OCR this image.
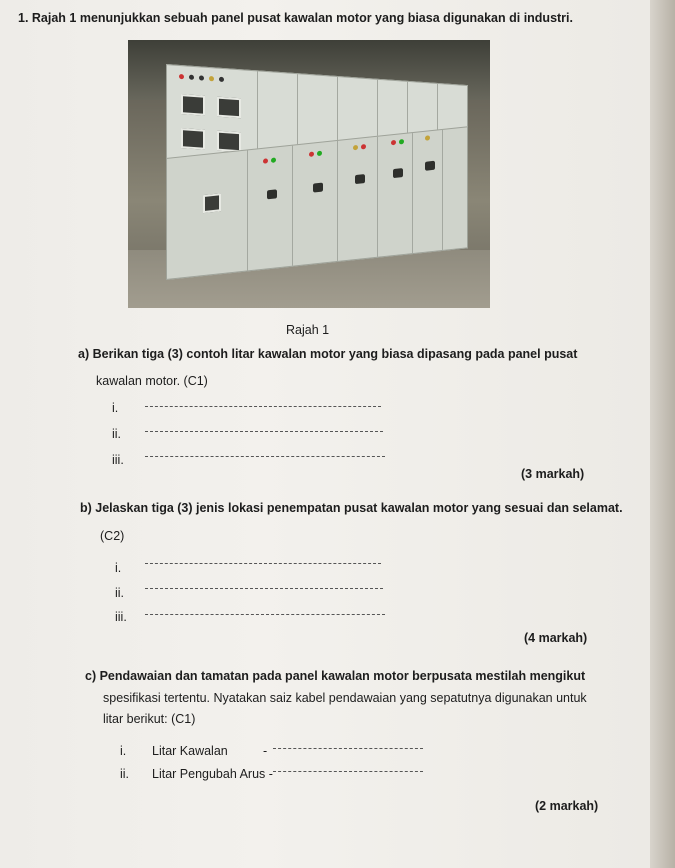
1. Rajah 1 menunjukkan sebuah panel pusat kawalan motor yang biasa digunakan di industri.
Rajah 1
a) Berikan tiga (3) contoh litar kawalan motor yang biasa dipasang pada panel pusat
kawalan motor. (C1)
i.
ii.
iii.
(3 markah)
b) Jelaskan tiga (3) jenis lokasi penempatan pusat kawalan motor yang sesuai dan selamat.
(C2)
i.
ii.
iii.
(4 markah)
c) Pendawaian dan tamatan pada panel kawalan motor berpusata mestilah mengikut
spesifikasi tertentu. Nyatakan saiz kabel pendawaian yang sepatutnya digunakan untuk
litar berikut: (C1)
i. Litar Kawalan	-
ii. Litar Pengubah Arus -
(2 markah)
